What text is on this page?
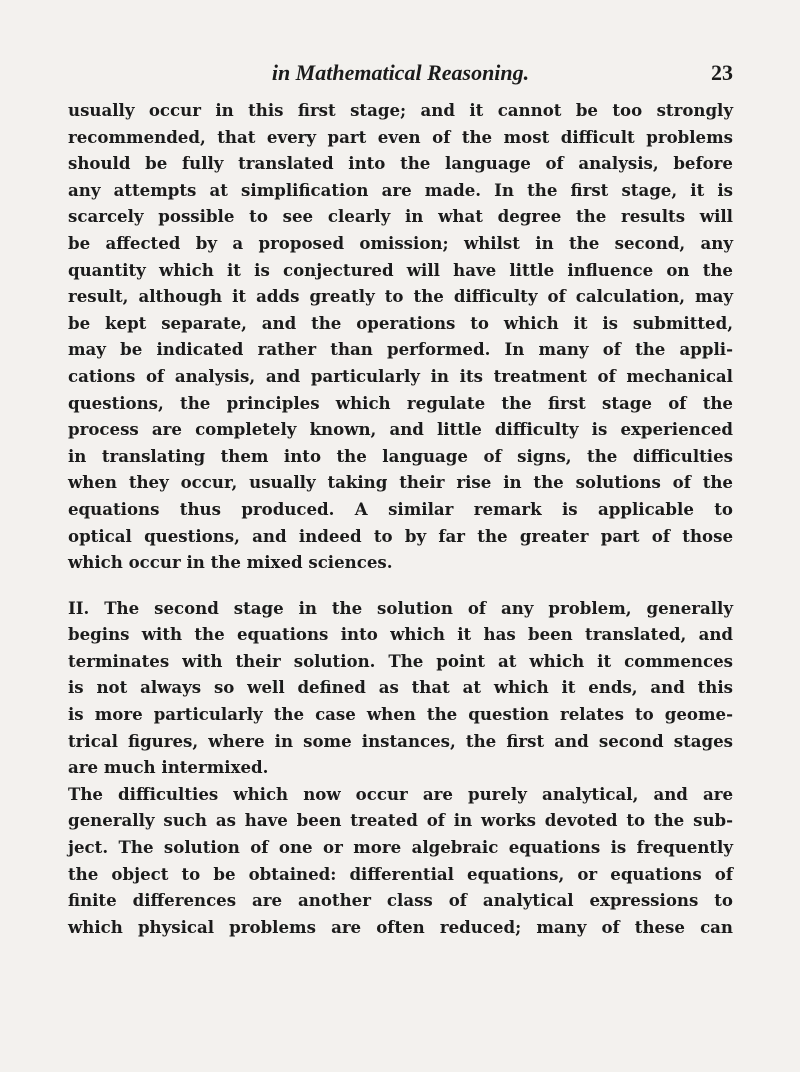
in Mathematical Reasoning.	23
usually occur in this first stage; and it cannot be too strongly
recommended, that every part even of the most difficult problems
should be fully translated into the language of analysis, before
any attempts at simplification are made. In the first stage, it is
scarcely possible to see clearly in what degree the results will
be affected by a proposed omission; whilst in the second, any
quantity which it is conjectured will have little influence on the
result, although it adds greatly to the difficulty of calculation, may
be kept separate, and the operations to which it is submitted,
may be indicated rather than performed. In many of the appli-
cations of analysis, and particularly in its treatment of mechanical
questions, the principles which regulate the first stage of the
process are completely known, and little difficulty is experienced
in translating them into the language of signs, the difficulties
when they occur, usually taking their rise in the solutions of the
equations thus produced. A similar remark is applicable to
optical questions, and indeed to by far the greater part of those
which occur in the mixed sciences.
II. The second stage in the solution of any problem, generally
begins with the equations into which it has been translated, and
terminates with their solution. The point at which it commences
is not always so well defined as that at which it ends, and this
is more particularly the case when the question relates to geome-
trical figures, where in some instances, the first and second stages
are much intermixed.
The difficulties which now occur are purely analytical, and are
generally such as have been treated of in works devoted to the sub-
ject. The solution of one or more algebraic equations is frequently
the object to be obtained: differential equations, or equations of
finite differences are another class of analytical expressions to
which physical problems are often reduced; many of these can
